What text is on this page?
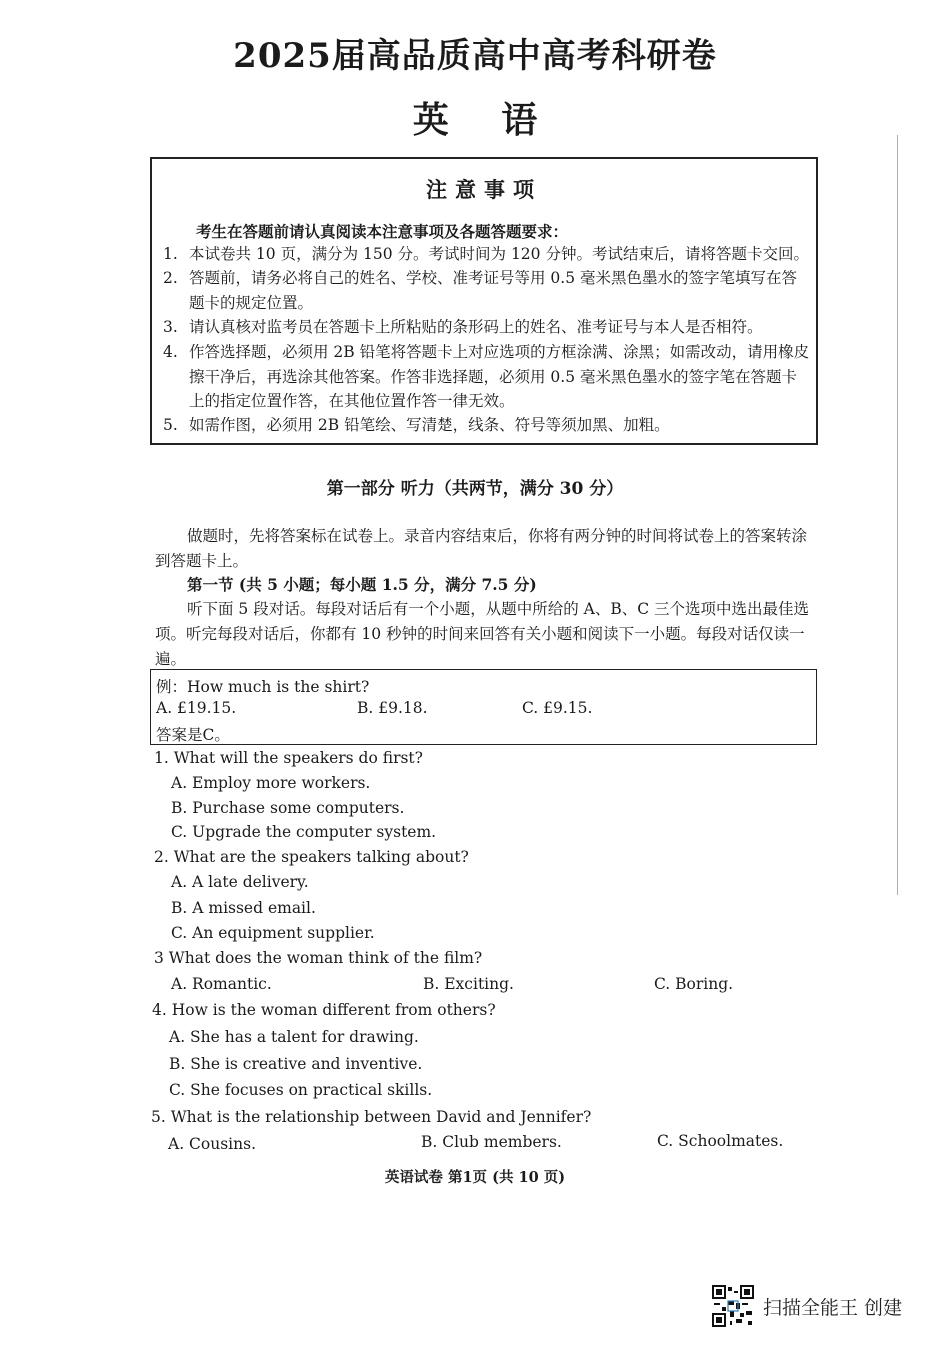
2025届高品质高中高考科研卷
英 语
注意事项
考生在答题前请认真阅读本注意事项及各题答题要求：
1. 本试卷共 10 页，满分为 150 分。考试时间为 120 分钟。考试结束后，请将答题卡交回。
2. 答题前，请务必将自己的姓名、学校、准考证号等用 0.5 毫米黑色墨水的签字笔填写在答题卡的规定位置。
3. 请认真核对监考员在答题卡上所粘贴的条形码上的姓名、准考证号与本人是否相符。
4. 作答选择题，必须用 2B 铅笔将答题卡上对应选项的方框涂满、涂黑；如需改动，请用橡皮擦干净后，再选涂其他答案。作答非选择题，必须用 0.5 毫米黑色墨水的签字笔在答题卡上的指定位置作答，在其他位置作答一律无效。
5. 如需作图，必须用 2B 铅笔绘、写清楚，线条、符号等须加黑、加粗。
第一部分 听力（共两节，满分 30 分）
做题时，先将答案标在试卷上。录音内容结束后，你将有两分钟的时间将试卷上的答案转涂到答题卡上。
第一节 (共 5 小题；每小题 1.5 分，满分 7.5 分)
听下面 5 段对话。每段对话后有一个小题，从题中所给的 A、B、C 三个选项中选出最佳选项。听完每段对话后，你都有 10 秒钟的时间来回答有关小题和阅读下一小题。每段对话仅读一遍。
例：How much is the shirt?
A. £19.15.	B. £9.18.	C. £9.15.
答案是C。
1. What will the speakers do first?
A. Employ more workers.
B. Purchase some computers.
C. Upgrade the computer system.
2. What are the speakers talking about?
A. A late delivery.
B. A missed email.
C. An equipment supplier.
3 What does the woman think of the film?
A. Romantic.	B. Exciting.	C. Boring.
4. How is the woman different from others?
A. She has a talent for drawing.
B. She is creative and inventive.
C. She focuses on practical skills.
5. What is the relationship between David and Jennifer?
A. Cousins.	B. Club members.	C. Schoolmates.
英语试卷 第1页 (共 10 页)
扫描全能王 创建
